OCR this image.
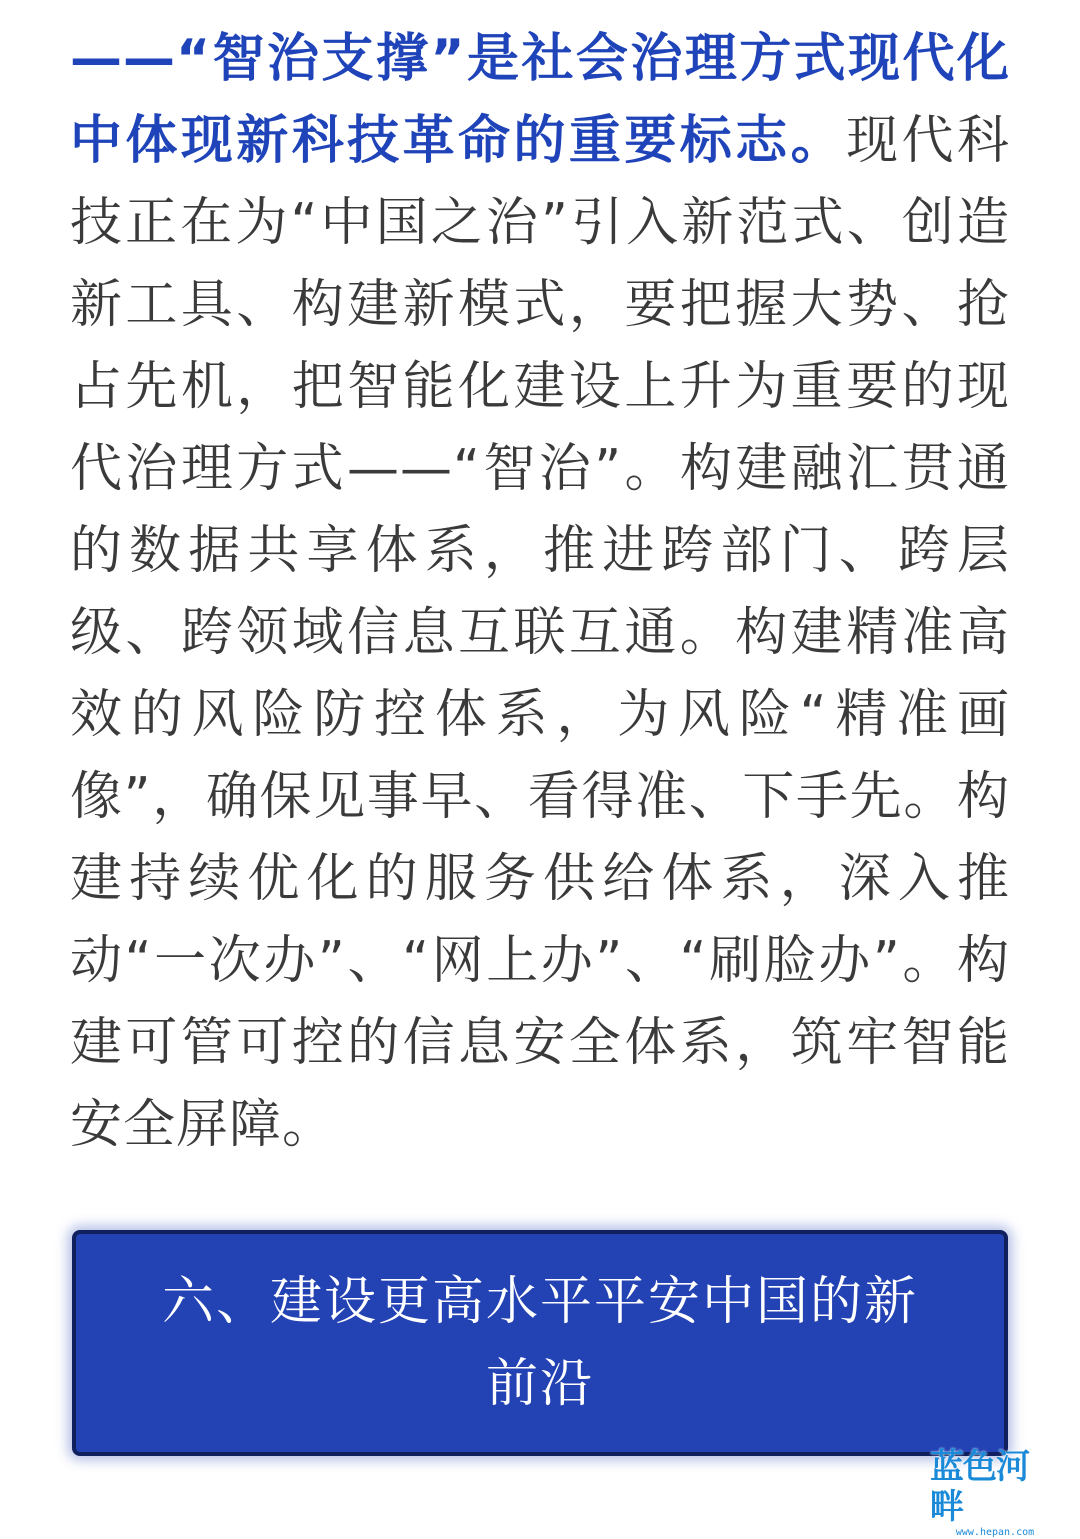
——“智治支撑”是社会治理方式现代化中体现新科技革命的重要标志。现代科技正在为“中国之治”引入新范式、创造新工具、构建新模式，要把握大势、抢占先机，把智能化建设上升为重要的现代治理方式——“智治”。构建融汇贯通的数据共享体系，推进跨部门、跨层级、跨领域信息互联互通。构建精准高效的风险防控体系，为风险“精准画像”，确保见事早、看得准、下手先。构建持续优化的服务供给体系，深入推动“一次办”、“网上办”、“刷脸办”。构建可管可控的信息安全体系，筑牢智能安全屏障。
六、建设更高水平平安中国的新前沿
蓝色河畔
www.hepan.com
